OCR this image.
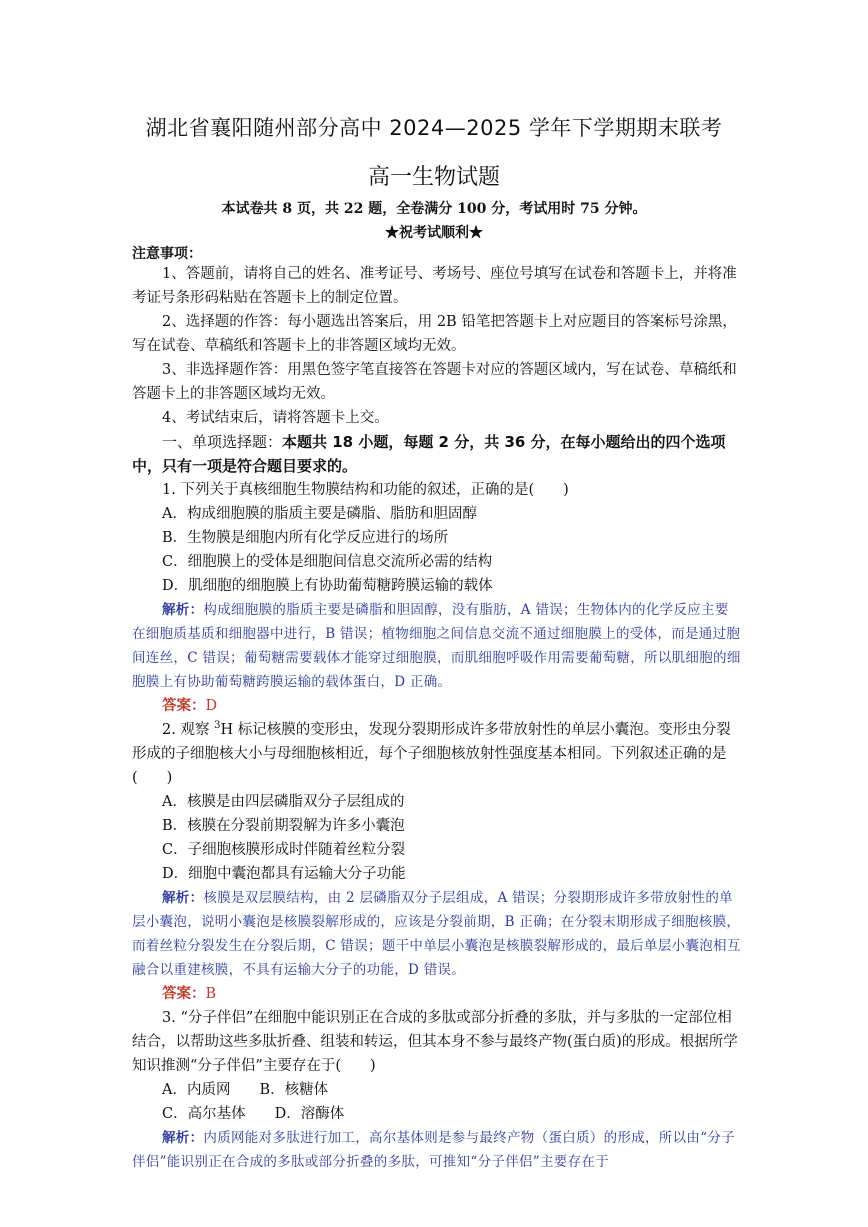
湖北省襄阳随州部分高中 2024—2025 学年下学期期末联考
高一生物试题
本试卷共 8 页，共 22 题，全卷满分 100 分，考试用时 75 分钟。
★祝考试顺利★
注意事项：

1、答题前，请将自己的姓名、准考证号、考场号、座位号填写在试卷和答题卡上，并将准考证号条形码粘贴在答题卡上的制定位置。

2、选择题的作答：每小题选出答案后，用 2B 铅笔把答题卡上对应题目的答案标号涂黑，写在试卷、草稿纸和答题卡上的非答题区域均无效。

3、非选择题作答：用黑色签字笔直接答在答题卡对应的答题区域内，写在试卷、草稿纸和答题卡上的非答题区域均无效。

4、考试结束后，请将答题卡上交。

一、单项选择题：本题共 18 小题，每题 2 分，共 36 分，在每小题给出的四个选项中，只有一项是符合题目要求的。

1. 下列关于真核细胞生物膜结构和功能的叙述，正确的是(　　)

A．构成细胞膜的脂质主要是磷脂、脂肪和胆固醇

B．生物膜是细胞内所有化学反应进行的场所

C．细胞膜上的受体是细胞间信息交流所必需的结构

D．肌细胞的细胞膜上有协助葡萄糖跨膜运输的载体

解析：构成细胞膜的脂质主要是磷脂和胆固醇，没有脂肪，A 错误；生物体内的化学反应主要在细胞质基质和细胞器中进行，B 错误；植物细胞之间信息交流不通过细胞膜上的受体，而是通过胞间连丝，C 错误；葡萄糖需要载体才能穿过细胞膜，而肌细胞呼吸作用需要葡萄糖，所以肌细胞的细胞膜上有协助葡萄糖跨膜运输的载体蛋白，D 正确。

答案：D

2. 观察 $^3$H 标记核膜的变形虫，发现分裂期形成许多带放射性的单层小囊泡。变形虫分裂形成的子细胞核大小与母细胞核相近，每个子细胞核放射性强度基本相同。下列叙述正确的是(　　)

A．核膜是由四层磷脂双分子层组成的

B．核膜在分裂前期裂解为许多小囊泡

C．子细胞核膜形成时伴随着丝粒分裂

D．细胞中囊泡都具有运输大分子功能

解析：核膜是双层膜结构，由 2 层磷脂双分子层组成，A 错误；分裂期形成许多带放射性的单层小囊泡，说明小囊泡是核膜裂解形成的，应该是分裂前期，B 正确；在分裂末期形成子细胞核膜，而着丝粒分裂发生在分裂后期，C 错误；题干中单层小囊泡是核膜裂解形成的，最后单层小囊泡相互融合以重建核膜，不具有运输大分子的功能，D 错误。

答案：B

3. “分子伴侣”在细胞中能识别正在合成的多肽或部分折叠的多肽，并与多肽的一定部位相结合，以帮助这些多肽折叠、组装和转运，但其本身不参与最终产物(蛋白质)的形成。根据所学知识推测“分子伴侣”主要存在于(　　)

A．内质网　　B．核糖体

C．高尔基体　　D．溶酶体

解析：内质网能对多肽进行加工，高尔基体则是参与最终产物（蛋白质）的形成，所以由“分子伴侣”能识别正在合成的多肽或部分折叠的多肽，可推知“分子伴侣”主要存在于
